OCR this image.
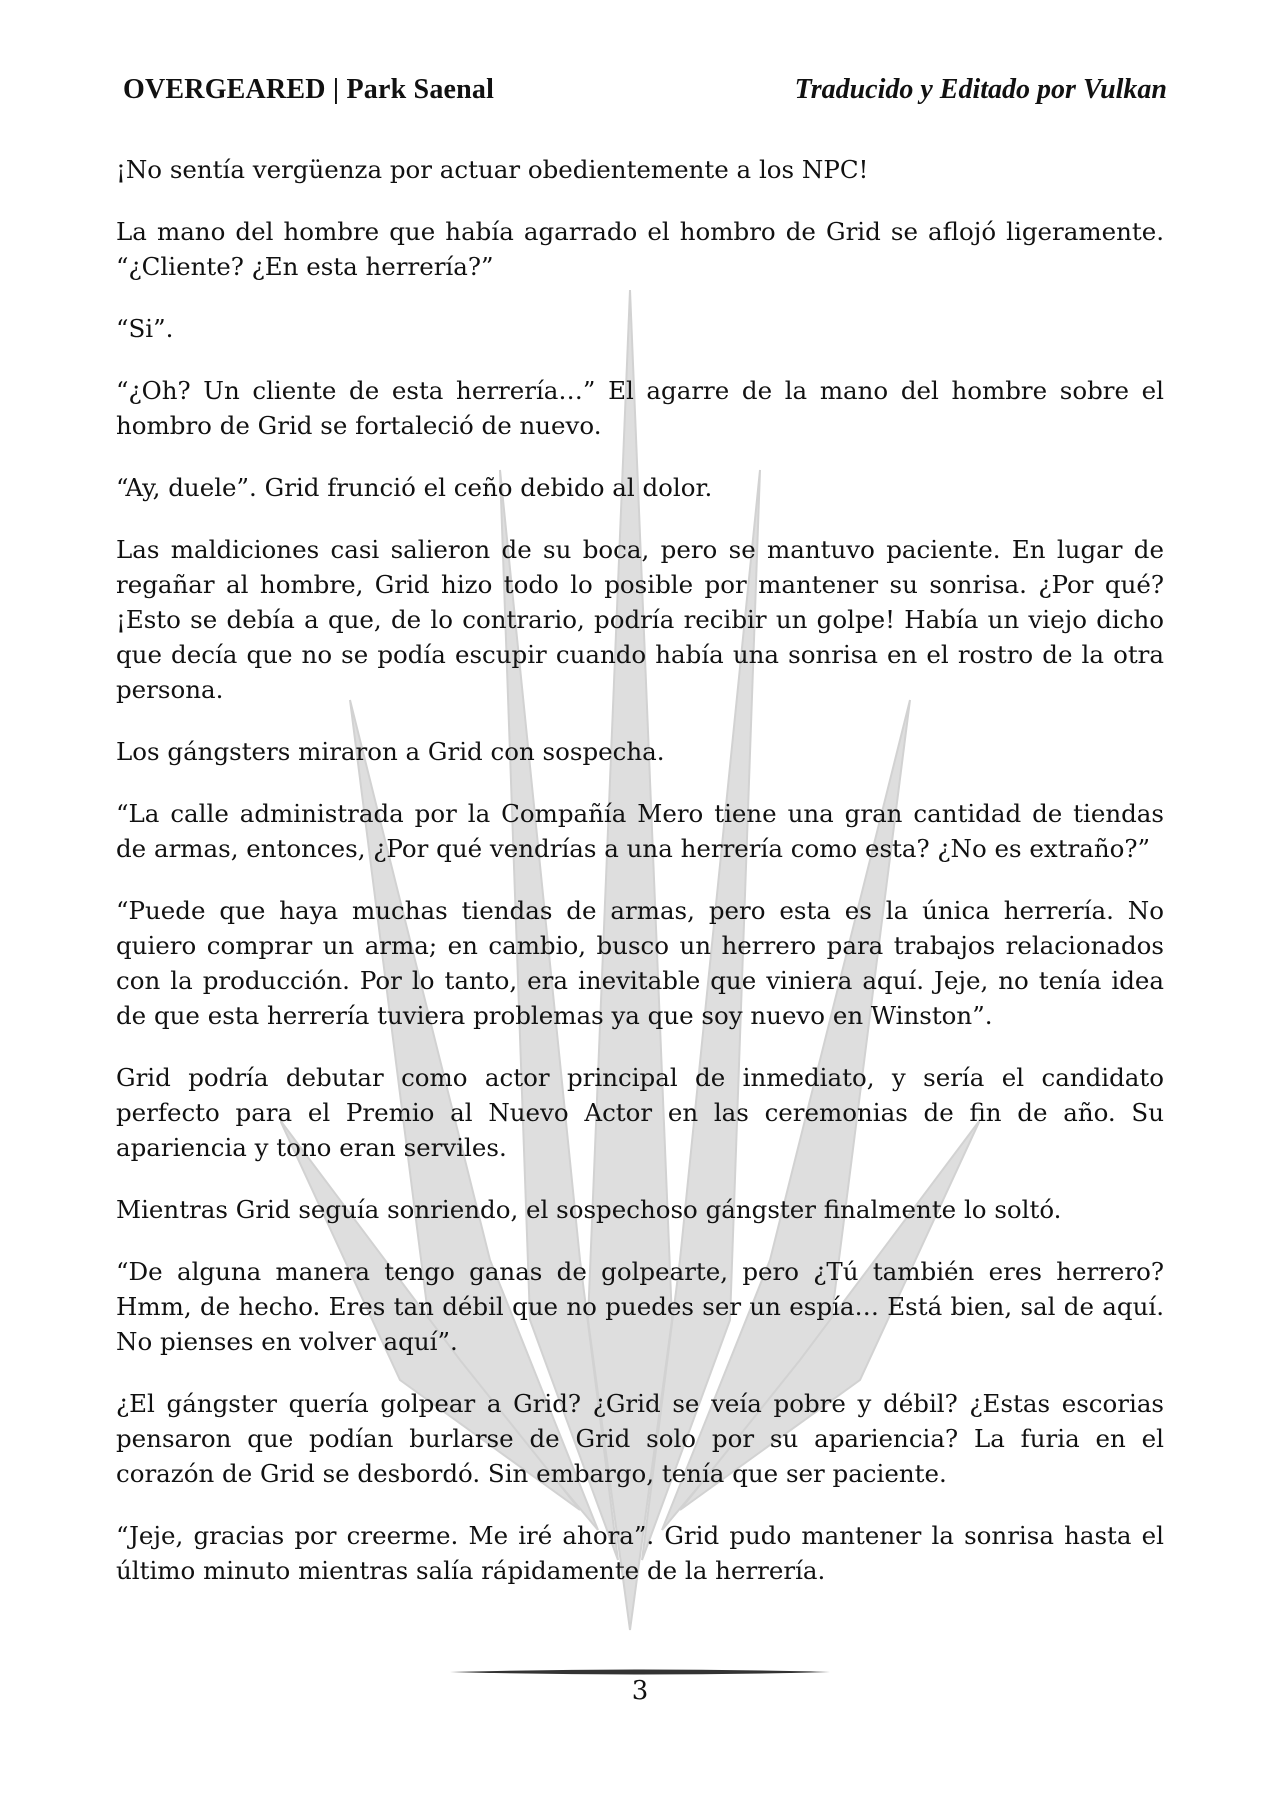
OVERGEARED | Park Saenal	Traducido y Editado por Vulkan

¡No sentía vergüenza por actuar obedientemente a los NPC!

La mano del hombre que había agarrado el hombro de Grid se aflojó ligeramente. “¿Cliente? ¿En esta herrería?”

“Si”.

“¿Oh? Un cliente de esta herrería…” El agarre de la mano del hombre sobre el hombro de Grid se fortaleció de nuevo.

“Ay, duele”. Grid frunció el ceño debido al dolor.

Las maldiciones casi salieron de su boca, pero se mantuvo paciente. En lugar de regañar al hombre, Grid hizo todo lo posible por mantener su sonrisa. ¿Por qué? ¡Esto se debía a que, de lo contrario, podría recibir un golpe! Había un viejo dicho que decía que no se podía escupir cuando había una sonrisa en el rostro de la otra persona.

Los gángsters miraron a Grid con sospecha.

“La calle administrada por la Compañía Mero tiene una gran cantidad de tiendas de armas, entonces, ¿Por qué vendrías a una herrería como esta? ¿No es extraño?”

“Puede que haya muchas tiendas de armas, pero esta es la única herrería. No quiero comprar un arma; en cambio, busco un herrero para trabajos relacionados con la producción. Por lo tanto, era inevitable que viniera aquí. Jeje, no tenía idea de que esta herrería tuviera problemas ya que soy nuevo en Winston”.

Grid podría debutar como actor principal de inmediato, y sería el candidato perfecto para el Premio al Nuevo Actor en las ceremonias de fin de año. Su apariencia y tono eran serviles.

Mientras Grid seguía sonriendo, el sospechoso gángster finalmente lo soltó.

“De alguna manera tengo ganas de golpearte, pero ¿Tú también eres herrero? Hmm, de hecho. Eres tan débil que no puedes ser un espía… Está bien, sal de aquí. No pienses en volver aquí”.

¿El gángster quería golpear a Grid? ¿Grid se veía pobre y débil? ¿Estas escorias pensaron que podían burlarse de Grid solo por su apariencia? La furia en el corazón de Grid se desbordó. Sin embargo, tenía que ser paciente.

“Jeje, gracias por creerme. Me iré ahora”. Grid pudo mantener la sonrisa hasta el último minuto mientras salía rápidamente de la herrería.

3
